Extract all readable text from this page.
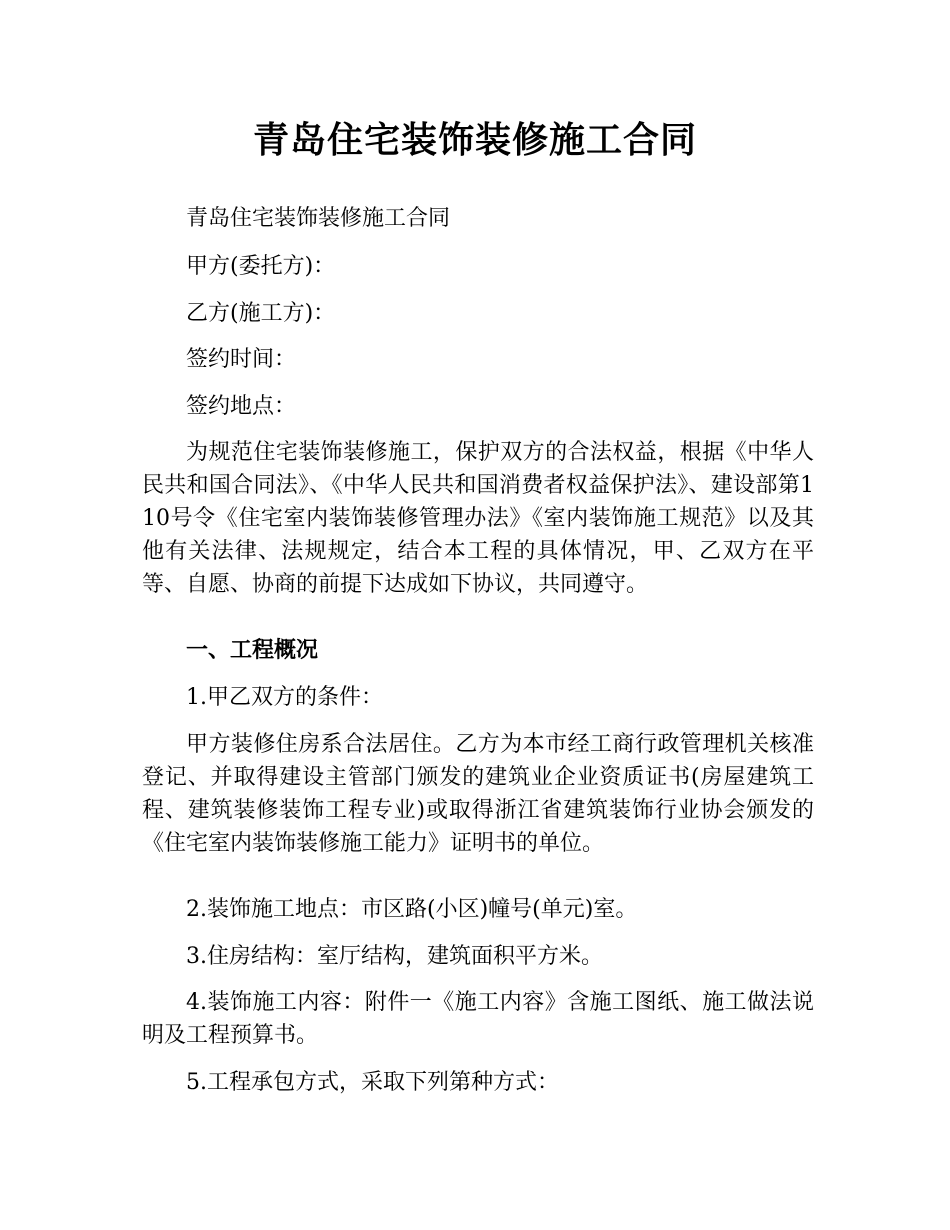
青岛住宅装饰装修施工合同

青岛住宅装饰装修施工合同

甲方(委托方)：

乙方(施工方)：

签约时间：

签约地点：

为规范住宅装饰装修施工，保护双方的合法权益，根据《中华人民共和国合同法》、《中华人民共和国消费者权益保护法》、建设部第110号令《住宅室内装饰装修管理办法》《室内装饰施工规范》以及其他有关法律、法规规定，结合本工程的具体情况，甲、乙双方在平等、自愿、协商的前提下达成如下协议，共同遵守。

一、工程概况

1.甲乙双方的条件：

甲方装修住房系合法居住。乙方为本市经工商行政管理机关核准登记、并取得建设主管部门颁发的建筑业企业资质证书(房屋建筑工程、建筑装修装饰工程专业)或取得浙江省建筑装饰行业协会颁发的《住宅室内装饰装修施工能力》证明书的单位。

2.装饰施工地点：市区路(小区)幢号(单元)室。

3.住房结构：室厅结构，建筑面积平方米。

4.装饰施工内容：附件一《施工内容》含施工图纸、施工做法说明及工程预算书。

5.工程承包方式，采取下列第种方式：
